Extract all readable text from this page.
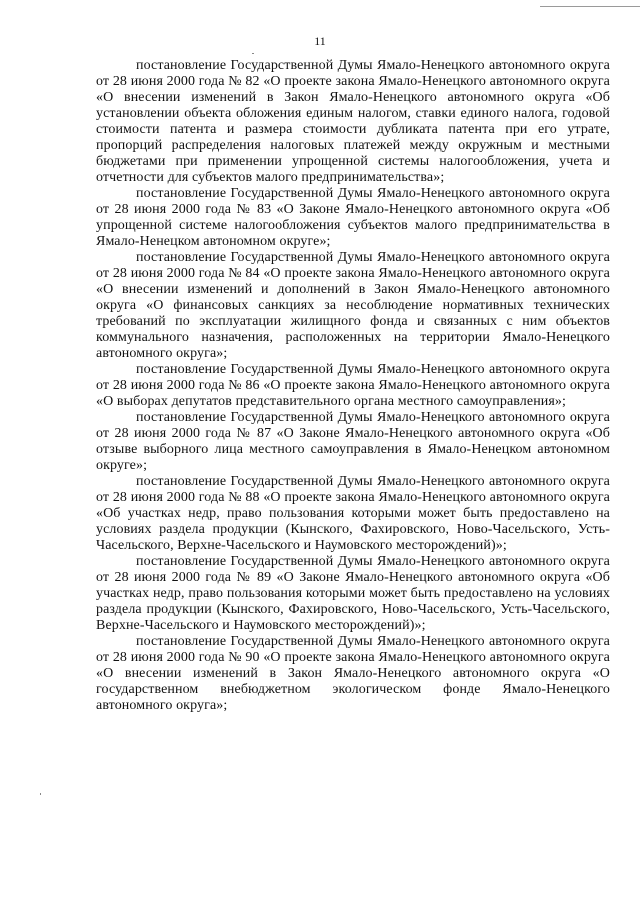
11

постановление Государственной Думы Ямало-Ненецкого автономного округа от 28 июня 2000 года № 82 «О проекте закона Ямало-Ненецкого автономного округа «О внесении изменений в Закон Ямало-Ненецкого автономного округа «Об установлении объекта обложения единым налогом, ставки единого налога, годовой стоимости патента и размера стоимости дубликата патента при его утрате, пропорций распределения налоговых платежей между окружным и местными бюджетами при применении упрощенной системы налогообложения, учета и отчетности для субъектов малого предпринимательства»;

постановление Государственной Думы Ямало-Ненецкого автономного округа от 28 июня 2000 года № 83 «О Законе Ямало-Ненецкого автономного округа «Об упрощенной системе налогообложения субъектов малого предпринимательства в Ямало-Ненецком автономном округе»;

постановление Государственной Думы Ямало-Ненецкого автономного округа от 28 июня 2000 года № 84 «О проекте закона Ямало-Ненецкого автономного округа «О внесении изменений и дополнений в Закон Ямало-Ненецкого автономного округа «О финансовых санкциях за несоблюдение нормативных технических требований по эксплуатации жилищного фонда и связанных с ним объектов коммунального назначения, расположенных на территории Ямало-Ненецкого автономного округа»;

постановление Государственной Думы Ямало-Ненецкого автономного округа от 28 июня 2000 года № 86 «О проекте закона Ямало-Ненецкого автономного округа «О выборах депутатов представительного органа местного самоуправления»;

постановление Государственной Думы Ямало-Ненецкого автономного округа от 28 июня 2000 года № 87 «О Законе Ямало-Ненецкого автономного округа «Об отзыве выборного лица местного самоуправления в Ямало-Ненецком автономном округе»;

постановление Государственной Думы Ямало-Ненецкого автономного округа от 28 июня 2000 года № 88 «О проекте закона Ямало-Ненецкого автономного округа «Об участках недр, право пользования которыми может быть предоставлено на условиях раздела продукции (Кынского, Фахировского, Ново-Часельского, Усть-Часельского, Верхне-Часельского и Наумовского месторождений)»;

постановление Государственной Думы Ямало-Ненецкого автономного округа от 28 июня 2000 года № 89 «О Законе Ямало-Ненецкого автономного округа «Об участках недр, право пользования которыми может быть предоставлено на условиях раздела продукции (Кынского, Фахировского, Ново-Часельского, Усть-Часельского, Верхне-Часельского и Наумовского месторождений)»;

постановление Государственной Думы Ямало-Ненецкого автономного округа от 28 июня 2000 года № 90 «О проекте закона Ямало-Ненецкого автономного округа «О внесении изменений в Закон Ямало-Ненецкого автономного округа «О государственном внебюджетном экологическом фонде Ямало-Ненецкого автономного округа»;
